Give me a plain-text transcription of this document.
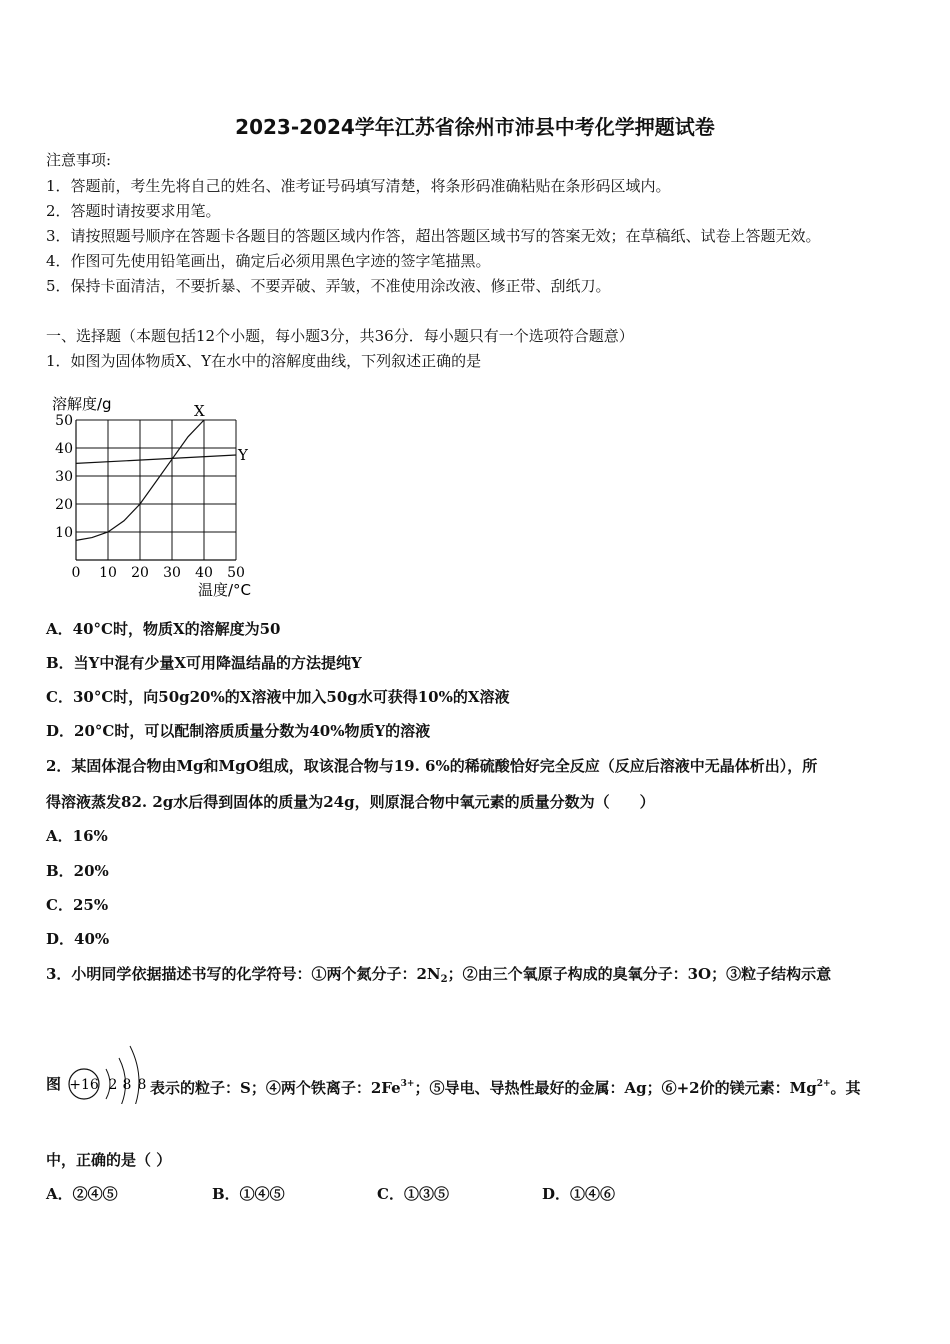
2023-2024学年江苏省徐州市沛县中考化学押题试卷
注意事项:
1．答题前，考生先将自己的姓名、准考证号码填写清楚，将条形码准确粘贴在条形码区域内。
2．答题时请按要求用笔。
3．请按照题号顺序在答题卡各题目的答题区域内作答，超出答题区域书写的答案无效；在草稿纸、试卷上答题无效。
4．作图可先使用铅笔画出，确定后必须用黑色字迹的签字笔描黑。
5．保持卡面清洁，不要折暴、不要弄破、弄皱，不准使用涂改液、修正带、刮纸刀。
一、选择题（本题包括12个小题，每小题3分，共36分．每小题只有一个选项符合题意）
1．如图为固体物质X、Y在水中的溶解度曲线，下列叙述正确的是
溶解度/g
10
20
30
40
50
0 10 20 30 40 50
X
Y
温度/°C
A．40°C时，物质X的溶解度为50
B．当Y中混有少量X可用降温结晶的方法提纯Y
C．30°C时，向50g20%的X溶液中加入50g水可获得10%的X溶液
D．20°C时，可以配制溶质质量分数为40%物质Y的溶液
2．某固体混合物由Mg和MgO组成，取该混合物与19. 6%的稀硫酸恰好完全反应（反应后溶液中无晶体析出），所
得溶液蒸发82. 2g水后得到固体的质量为24g，则原混合物中氧元素的质量分数为（　　）
A．16%
B．20%
C．25%
D．40%
3．小明同学依据描述书写的化学符号：①两个氮分子：$2N_2$；②由三个氧原子构成的臭氧分子：3O；③粒子结构示意
图 +16 2 8 8 表示的粒子：S；④两个铁离子：$2Fe^{3+}$；⑤导电、导热性最好的金属：Ag；⑥+2价的镁元素：$Mg^{2+}$。其
中，正确的是（ ）
A．②④⑤	B．①④⑤	C．①③⑤	D．①④⑥
